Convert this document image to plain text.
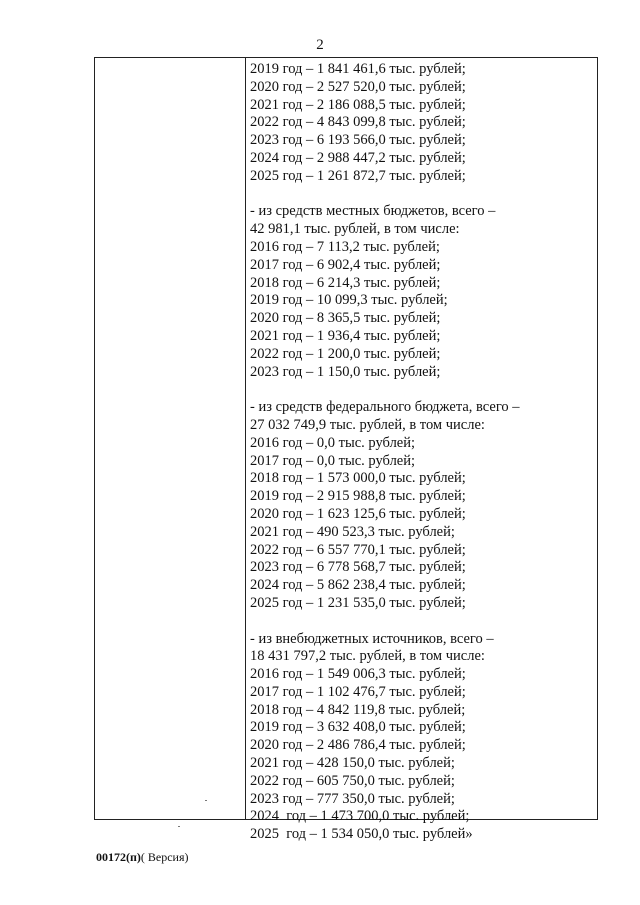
2
2019 год – 1 841 461,6 тыс. рублей;
2020 год – 2 527 520,0 тыс. рублей;
2021 год – 2 186 088,5 тыс. рублей;
2022 год – 4 843 099,8 тыс. рублей;
2023 год – 6 193 566,0 тыс. рублей;
2024 год – 2 988 447,2 тыс. рублей;
2025 год – 1 261 872,7 тыс. рублей;
- из средств местных бюджетов, всего –
42 981,1 тыс. рублей, в том числе:
2016 год – 7 113,2 тыс. рублей;
2017 год – 6 902,4 тыс. рублей;
2018 год – 6 214,3 тыс. рублей;
2019 год – 10 099,3 тыс. рублей;
2020 год – 8 365,5 тыс. рублей;
2021 год – 1 936,4 тыс. рублей;
2022 год – 1 200,0 тыс. рублей;
2023 год – 1 150,0 тыс. рублей;
- из средств федерального бюджета, всего –
27 032 749,9 тыс. рублей, в том числе:
2016 год – 0,0 тыс. рублей;
2017 год – 0,0 тыс. рублей;
2018 год – 1 573 000,0 тыс. рублей;
2019 год – 2 915 988,8 тыс. рублей;
2020 год – 1 623 125,6 тыс. рублей;
2021 год – 490 523,3 тыс. рублей;
2022 год – 6 557 770,1 тыс. рублей;
2023 год – 6 778 568,7 тыс. рублей;
2024 год – 5 862 238,4 тыс. рублей;
2025 год – 1 231 535,0 тыс. рублей;
- из внебюджетных источников, всего –
18 431 797,2 тыс. рублей, в том числе:
2016 год – 1 549 006,3 тыс. рублей;
2017 год – 1 102 476,7 тыс. рублей;
2018 год – 4 842 119,8 тыс. рублей;
2019 год – 3 632 408,0 тыс. рублей;
2020 год – 2 486 786,4 тыс. рублей;
2021 год – 428 150,0 тыс. рублей;
2022 год – 605 750,0 тыс. рублей;
2023 год – 777 350,0 тыс. рублей;
2024  год – 1 473 700,0 тыс. рублей;
2025  год – 1 534 050,0 тыс. рублей»
00172(п)( Версия)
